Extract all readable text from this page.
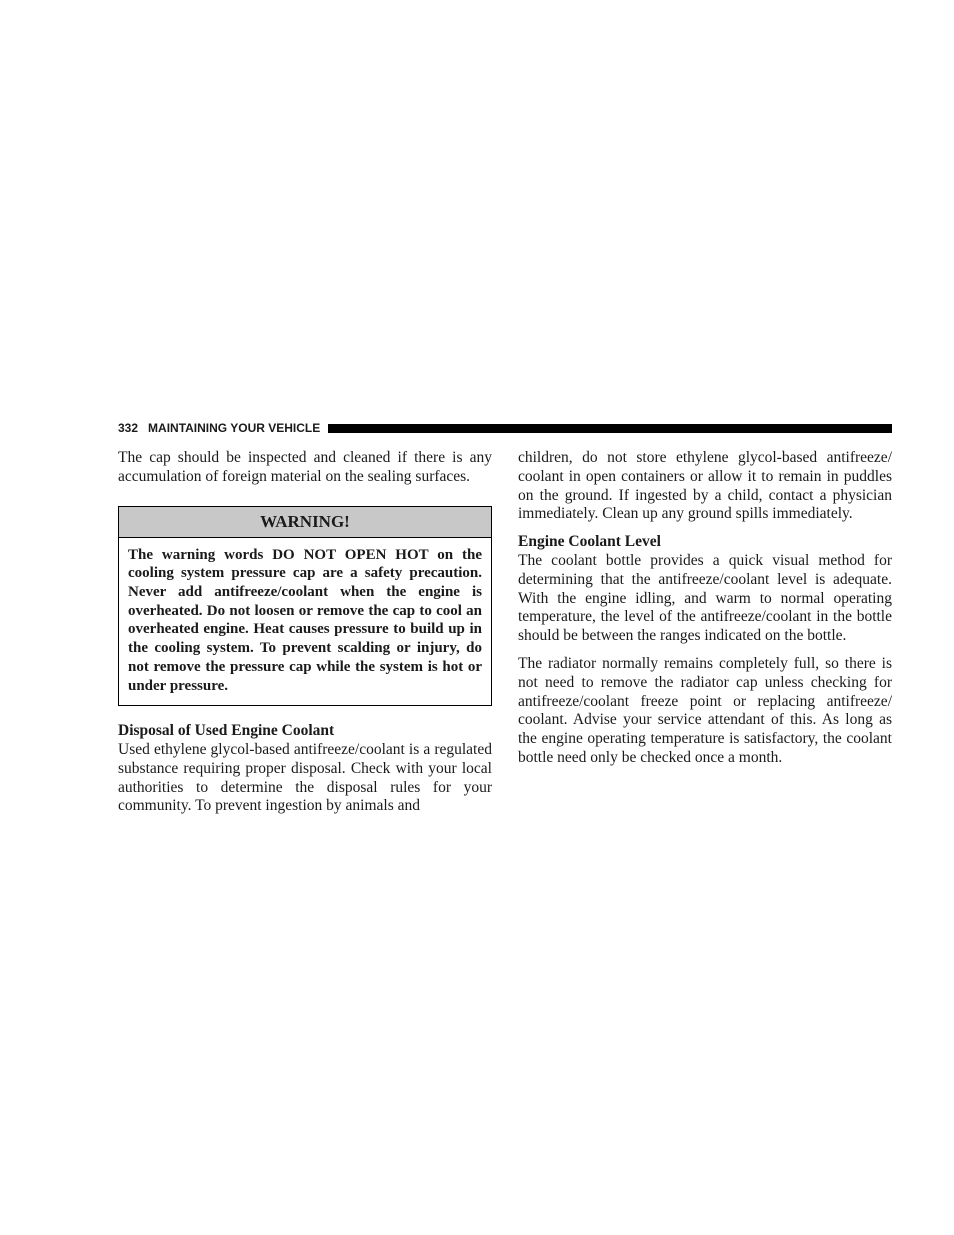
332 MAINTAINING YOUR VEHICLE

The cap should be inspected and cleaned if there is any accumulation of foreign material on the sealing surfaces.

WARNING!
The warning words DO NOT OPEN HOT on the cooling system pressure cap are a safety precaution. Never add antifreeze/coolant when the engine is overheated. Do not loosen or remove the cap to cool an overheated engine. Heat causes pressure to build up in the cooling system. To prevent scalding or injury, do not remove the pressure cap while the system is hot or under pressure.

Disposal of Used Engine Coolant

Used ethylene glycol-based antifreeze/coolant is a regulated substance requiring proper disposal. Check with your local authorities to determine the disposal rules for your community. To prevent ingestion by animals and

children, do not store ethylene glycol-based antifreeze/ coolant in open containers or allow it to remain in puddles on the ground. If ingested by a child, contact a physician immediately. Clean up any ground spills immediately.

Engine Coolant Level

The coolant bottle provides a quick visual method for determining that the antifreeze/coolant level is adequate. With the engine idling, and warm to normal operating temperature, the level of the antifreeze/coolant in the bottle should be between the ranges indicated on the bottle.

The radiator normally remains completely full, so there is not need to remove the radiator cap unless checking for antifreeze/coolant freeze point or replacing antifreeze/ coolant. Advise your service attendant of this. As long as the engine operating temperature is satisfactory, the coolant bottle need only be checked once a month.
